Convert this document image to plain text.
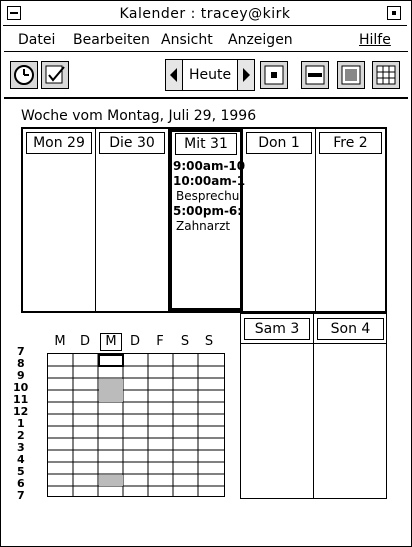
Kalender : tracey@kirk
Datei Bearbeiten Ansicht Anzeigen	Hilfe
Heute
Woche vom Montag, Juli 29, 1996
Mon 29	Die 30	Mit 31
9:00am-10
10:00am-1
Besprechu
5:00pm-6:
Zahnarzt
Don 1	Fre 2
Sam 3	Son 4
M	D	M	D	F	S	S
7
8
9
10
11
12
1
2
3
4
5
6
7
